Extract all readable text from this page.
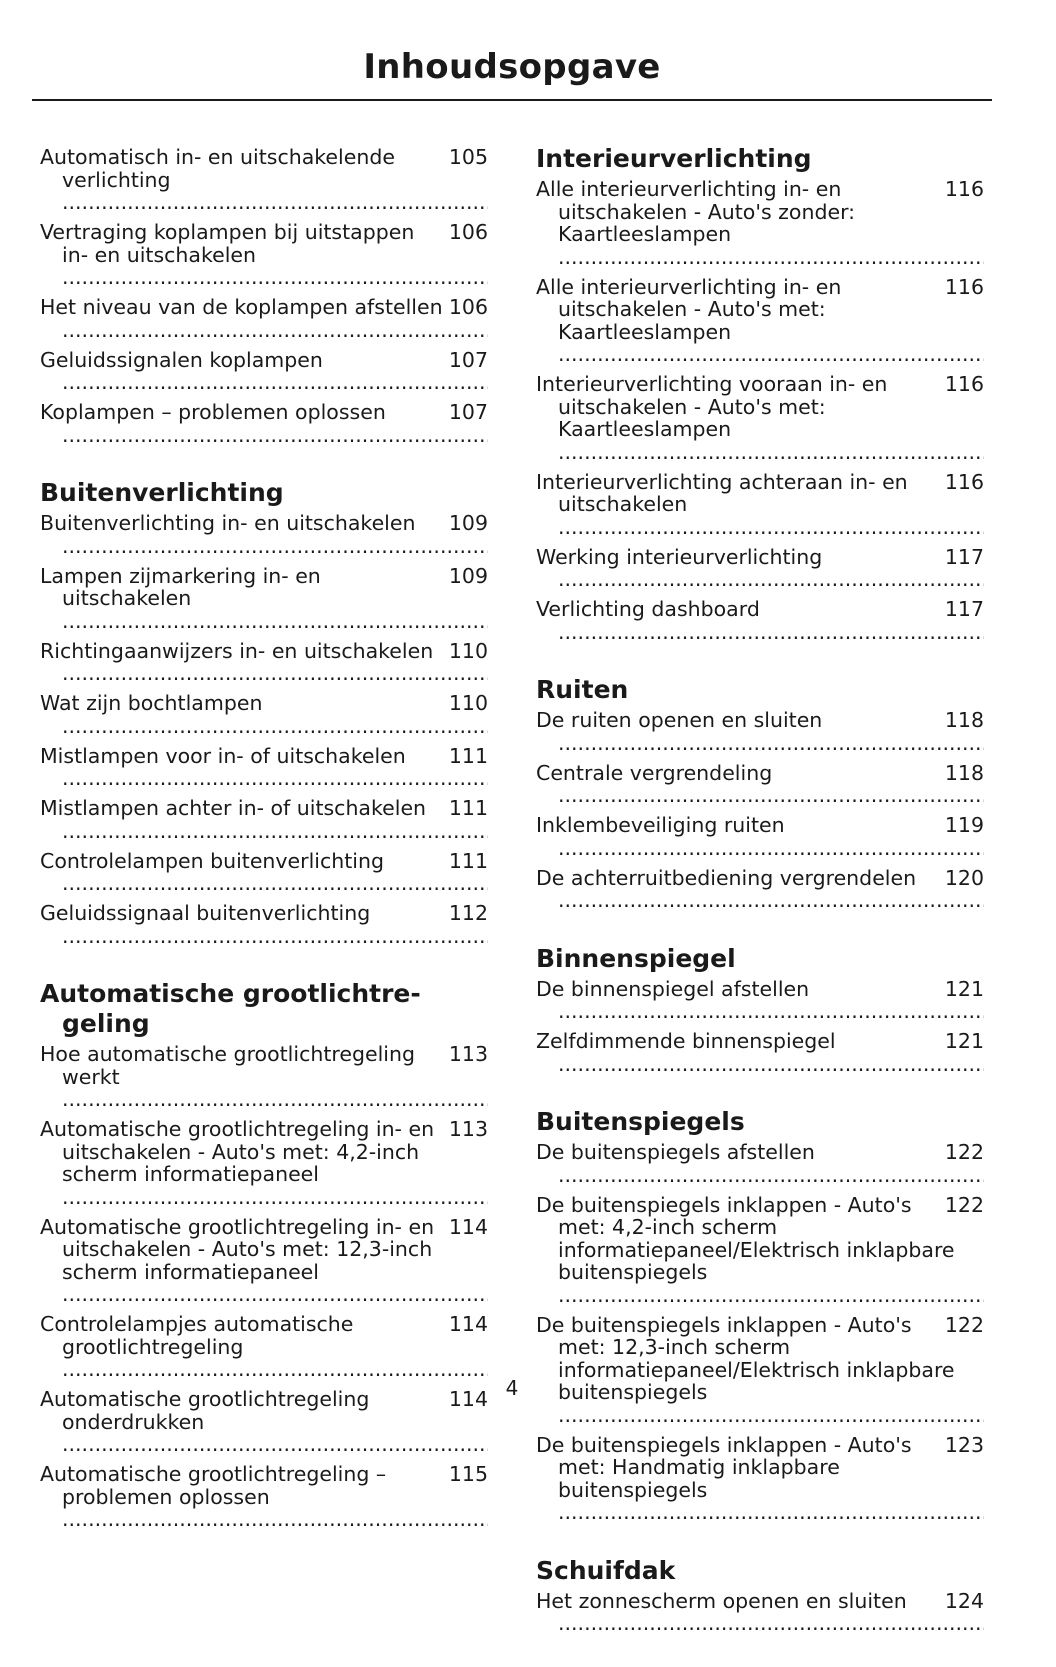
Inhoudsopgave
105
Automatisch in- en uitschakelende verlichting .....
106
Vertraging koplampen bij uitstappen in- en uitschakelen .....
106
Het niveau van de koplampen afstellen .....
107
Geluidssignalen koplampen .....
107
Koplampen – problemen oplossen .....
Buitenverlichting
109
Buitenverlichting in- en uitschakelen .....
109
Lampen zijmarkering in- en uitschakelen .....
110
Richtingaanwijzers in- en uitschakelen .....
110
Wat zijn bochtlampen .....
111
Mistlampen voor in- of uitschakelen .....
111
Mistlampen achter in- of uitschakelen .....
111
Controlelampen buitenverlichting .....
112
Geluidssignaal buitenverlichting .....
Automatische grootlichtre-geling
113
Hoe automatische grootlichtregeling werkt .....
113
Automatische grootlichtregeling in- en uitschakelen - Auto's met: 4,2-inch scherm informatiepaneel .....
114
Automatische grootlichtregeling in- en uitschakelen - Auto's met: 12,3-inch scherm informatiepaneel .....
114
Controlelampjes automatische grootlichtregeling .....
114
Automatische grootlichtregeling onderdrukken .....
115
Automatische grootlichtregeling – problemen oplossen .....
Interieurverlichting
116
Alle interieurverlichting in- en uitschakelen - Auto's zonder: Kaartleeslampen .....
116
Alle interieurverlichting in- en uitschakelen - Auto's met: Kaartleeslampen .....
116
Interieurverlichting vooraan in- en uitschakelen - Auto's met: Kaartleeslampen .....
116
Interieurverlichting achteraan in- en uitschakelen .....
117
Werking interieurverlichting .....
117
Verlichting dashboard .....
Ruiten
118
De ruiten openen en sluiten .....
118
Centrale vergrendeling .....
119
Inklembeveiliging ruiten .....
120
De achterruitbediening vergrendelen .....
Binnenspiegel
121
De binnenspiegel afstellen .....
121
Zelfdimmende binnenspiegel .....
Buitenspiegels
122
De buitenspiegels afstellen .....
122
De buitenspiegels inklappen - Auto's met: 4,2-inch scherm informatiepaneel/Elektrisch inklapbare buitenspiegels .....
122
De buitenspiegels inklappen - Auto's met: 12,3-inch scherm informatiepaneel/Elektrisch inklapbare buitenspiegels .....
123
De buitenspiegels inklappen - Auto's met: Handmatig inklapbare buitenspiegels .....
Schuifdak
124
Het zonnescherm openen en sluiten .....
4
